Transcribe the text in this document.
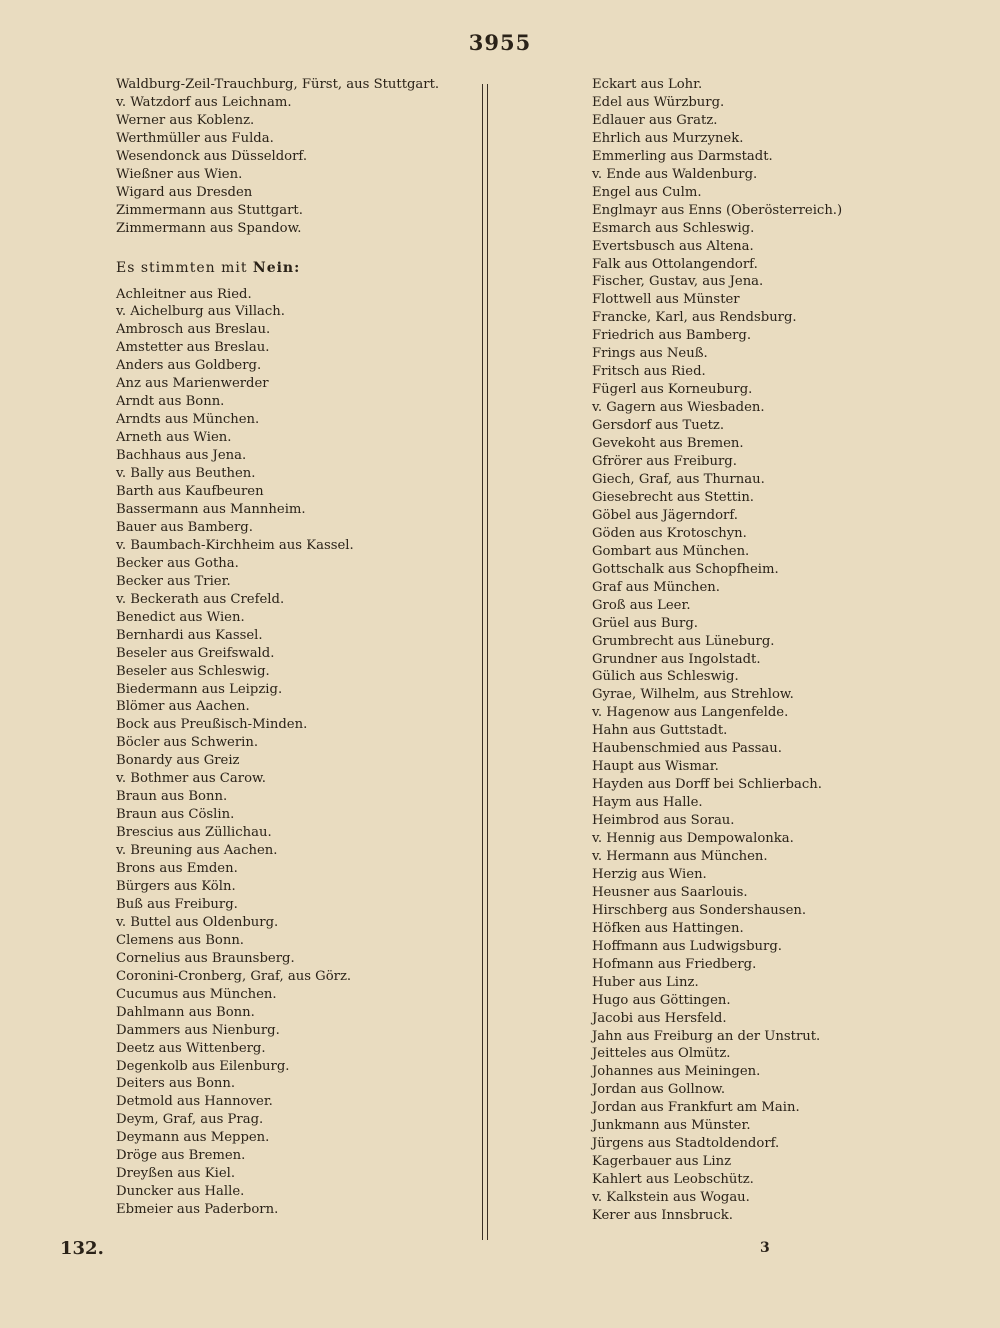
3955
Waldburg-Zeil-Trauchburg, Fürst, aus Stuttgart.
v. Watzdorf aus Leichnam.
Werner aus Koblenz.
Werthmüller aus Fulda.
Wesendonck aus Düsseldorf.
Wießner aus Wien.
Wigard aus Dresden
Zimmermann aus Stuttgart.
Zimmermann aus Spandow.
Es stimmten mit Nein:
Achleitner aus Ried.
v. Aichelburg aus Villach.
Ambrosch aus Breslau.
Amstetter aus Breslau.
Anders aus Goldberg.
Anz aus Marienwerder
Arndt aus Bonn.
Arndts aus München.
Arneth aus Wien.
Bachhaus aus Jena.
v. Bally aus Beuthen.
Barth aus Kaufbeuren
Bassermann aus Mannheim.
Bauer aus Bamberg.
v. Baumbach-Kirchheim aus Kassel.
Becker aus Gotha.
Becker aus Trier.
v. Beckerath aus Crefeld.
Benedict aus Wien.
Bernhardi aus Kassel.
Beseler aus Greifswald.
Beseler aus Schleswig.
Biedermann aus Leipzig.
Blömer aus Aachen.
Bock aus Preußisch-Minden.
Böcler aus Schwerin.
Bonardy aus Greiz
v. Bothmer aus Carow.
Braun aus Bonn.
Braun aus Cöslin.
Brescius aus Züllichau.
v. Breuning aus Aachen.
Brons aus Emden.
Bürgers aus Köln.
Buß aus Freiburg.
v. Buttel aus Oldenburg.
Clemens aus Bonn.
Cornelius aus Braunsberg.
Coronini-Cronberg, Graf, aus Görz.
Cucumus aus München.
Dahlmann aus Bonn.
Dammers aus Nienburg.
Deetz aus Wittenberg.
Degenkolb aus Eilenburg.
Deiters aus Bonn.
Detmold aus Hannover.
Deym, Graf, aus Prag.
Deymann aus Meppen.
Dröge aus Bremen.
Dreyßen aus Kiel.
Duncker aus Halle.
Ebmeier aus Paderborn.
Eckart aus Lohr.
Edel aus Würzburg.
Edlauer aus Gratz.
Ehrlich aus Murzynek.
Emmerling aus Darmstadt.
v. Ende aus Waldenburg.
Engel aus Culm.
Englmayr aus Enns (Oberösterreich.)
Esmarch aus Schleswig.
Evertsbusch aus Altena.
Falk aus Ottolangendorf.
Fischer, Gustav, aus Jena.
Flottwell aus Münster
Francke, Karl, aus Rendsburg.
Friedrich aus Bamberg.
Frings aus Neuß.
Fritsch aus Ried.
Fügerl aus Korneuburg.
v. Gagern aus Wiesbaden.
Gersdorf aus Tuetz.
Gevekoht aus Bremen.
Gfrörer aus Freiburg.
Giech, Graf, aus Thurnau.
Giesebrecht aus Stettin.
Göbel aus Jägerndorf.
Göden aus Krotoschyn.
Gombart aus München.
Gottschalk aus Schopfheim.
Graf aus München.
Groß aus Leer.
Grüel aus Burg.
Grumbrecht aus Lüneburg.
Grundner aus Ingolstadt.
Gülich aus Schleswig.
Gyrae, Wilhelm, aus Strehlow.
v. Hagenow aus Langenfelde.
Hahn aus Guttstadt.
Haubenschmied aus Passau.
Haupt aus Wismar.
Hayden aus Dorff bei Schlierbach.
Haym aus Halle.
Heimbrod aus Sorau.
v. Hennig aus Dempowalonka.
v. Hermann aus München.
Herzig aus Wien.
Heusner aus Saarlouis.
Hirschberg aus Sondershausen.
Höfken aus Hattingen.
Hoffmann aus Ludwigsburg.
Hofmann aus Friedberg.
Huber aus Linz.
Hugo aus Göttingen.
Jacobi aus Hersfeld.
Jahn aus Freiburg an der Unstrut.
Jeitteles aus Olmütz.
Johannes aus Meiningen.
Jordan aus Gollnow.
Jordan aus Frankfurt am Main.
Junkmann aus Münster.
Jürgens aus Stadtoldendorf.
Kagerbauer aus Linz
Kahlert aus Leobschütz.
v. Kalkstein aus Wogau.
Kerer aus Innsbruck.
132.	3
